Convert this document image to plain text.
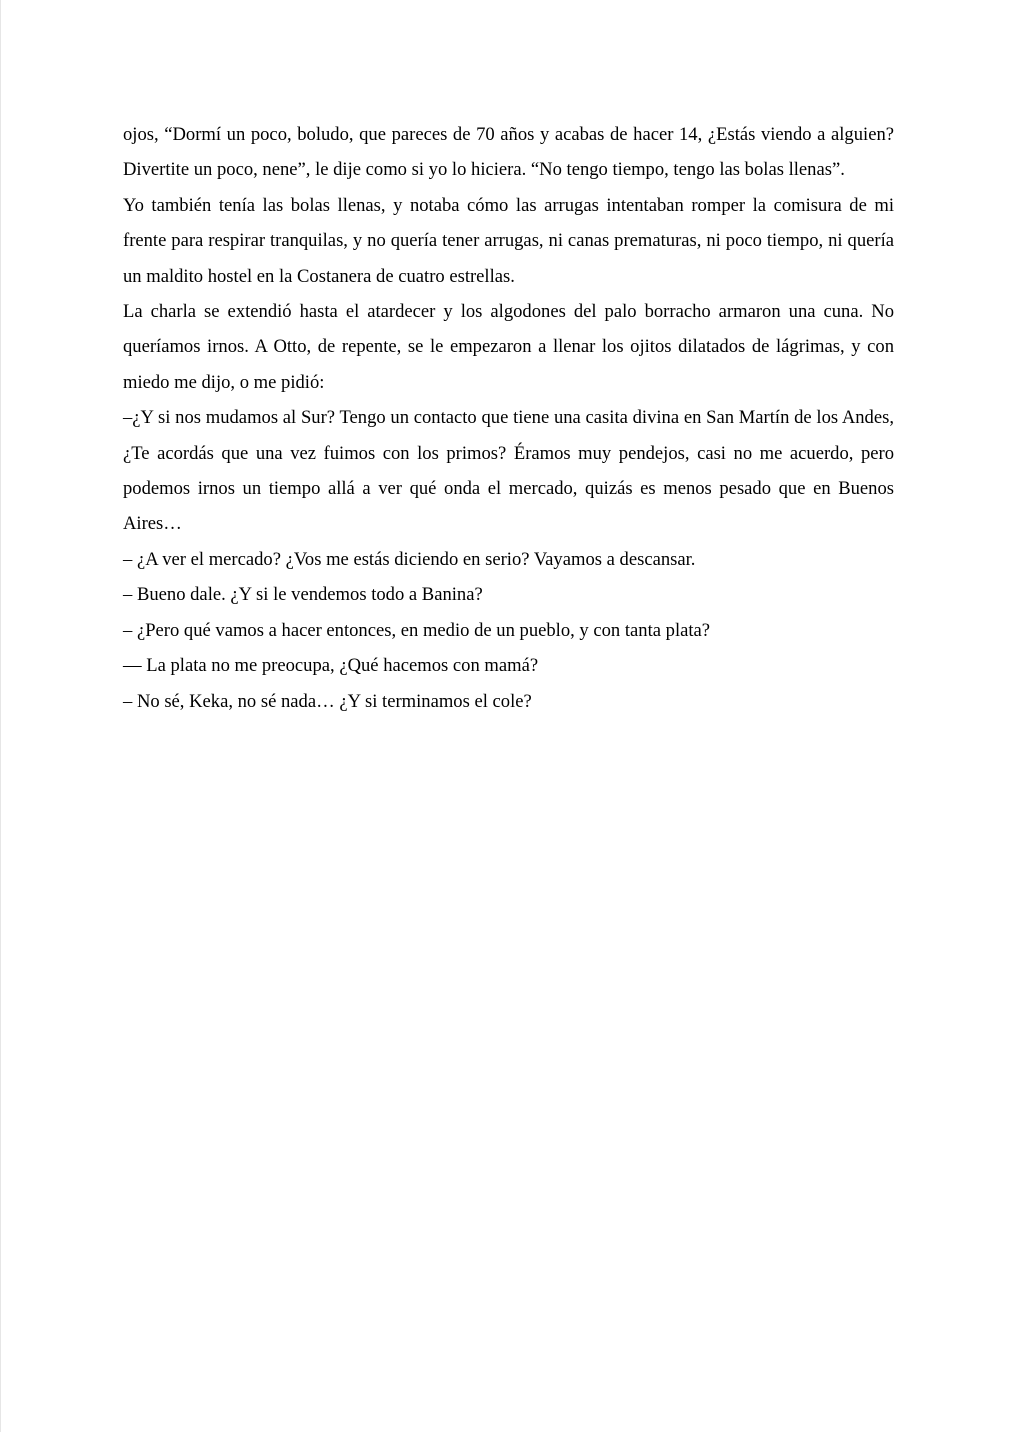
ojos, “Dormí un poco, boludo, que pareces de 70 años y acabas de hacer 14, ¿Estás viendo a alguien? Divertite un poco, nene”, le dije como si yo lo hiciera. “No tengo tiempo, tengo las bolas llenas”.

Yo también tenía las bolas llenas, y notaba cómo las arrugas intentaban romper la comisura de mi frente para respirar tranquilas, y no quería tener arrugas, ni canas prematuras, ni poco tiempo, ni quería un maldito hostel en la Costanera de cuatro estrellas.

La charla se extendió hasta el atardecer y los algodones del palo borracho armaron una cuna. No queríamos irnos. A Otto, de repente, se le empezaron a llenar los ojitos dilatados de lágrimas, y con miedo me dijo, o me pidió:

–¿Y si nos mudamos al Sur? Tengo un contacto que tiene una casita divina en San Martín de los Andes, ¿Te acordás que una vez fuimos con los primos? Éramos muy pendejos, casi no me acuerdo, pero podemos irnos un tiempo allá a ver qué onda el mercado, quizás es menos pesado que en Buenos Aires…

– ¿A ver el mercado? ¿Vos me estás diciendo en serio? Vayamos a descansar.

– Bueno dale. ¿Y si le vendemos todo a Banina?

– ¿Pero qué vamos a hacer entonces, en medio de un pueblo, y con tanta plata?

— La plata no me preocupa, ¿Qué hacemos con mamá?

– No sé, Keka, no sé nada… ¿Y si terminamos el cole?
